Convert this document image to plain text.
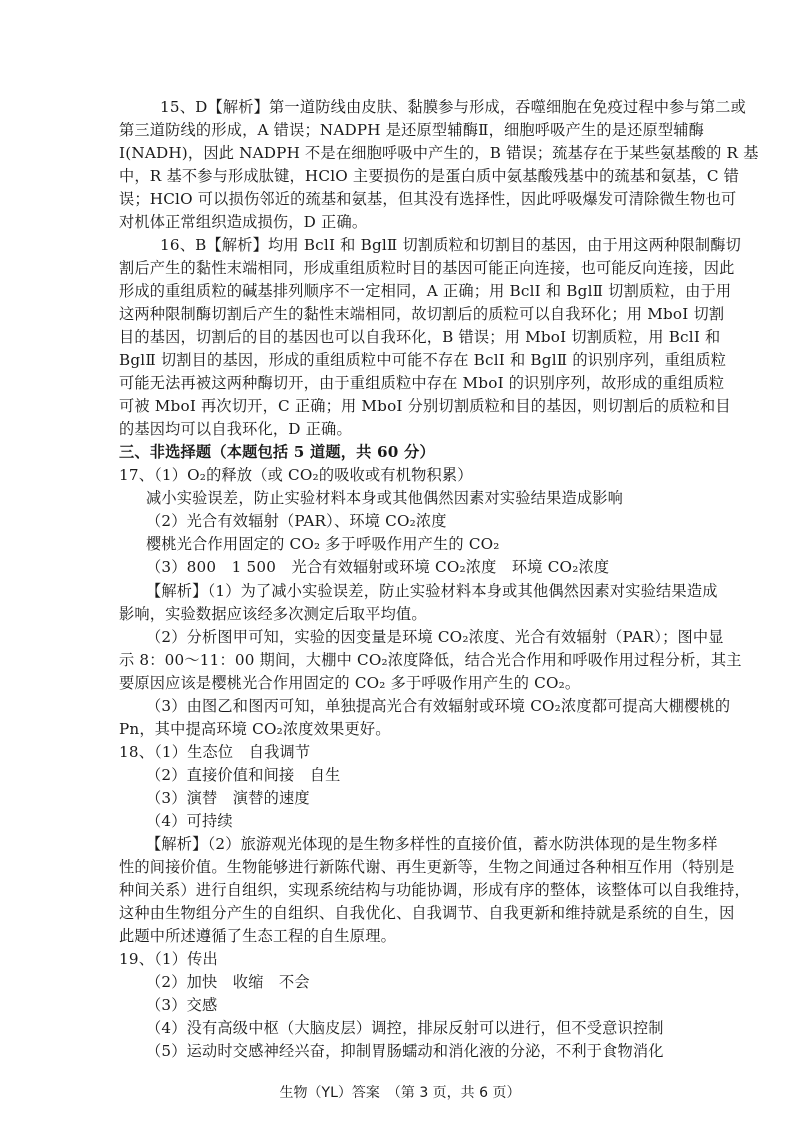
15、D【解析】第一道防线由皮肤、黏膜参与形成，吞噬细胞在免疫过程中参与第二或
第三道防线的形成，A 错误；NADPH 是还原型辅酶Ⅱ，细胞呼吸产生的是还原型辅酶
I(NADH)，因此 NADPH 不是在细胞呼吸中产生的，B 错误；巯基存在于某些氨基酸的 R 基
中，R 基不参与形成肽键，HClO 主要损伤的是蛋白质中氨基酸残基中的巯基和氨基，C 错
误；HClO 可以损伤邻近的巯基和氨基，但其没有选择性，因此呼吸爆发可清除微生物也可
对机体正常组织造成损伤，D 正确。
16、B【解析】均用 BclⅠ 和 BglⅡ 切割质粒和切割目的基因，由于用这两种限制酶切
割后产生的黏性末端相同，形成重组质粒时目的基因可能正向连接，也可能反向连接，因此
形成的重组质粒的碱基排列顺序不一定相同，A 正确；用 BclⅠ 和 BglⅡ 切割质粒，由于用
这两种限制酶切割后产生的黏性末端相同，故切割后的质粒可以自我环化；用 MboⅠ 切割
目的基因，切割后的目的基因也可以自我环化，B 错误；用 MboⅠ 切割质粒，用 BclⅠ 和
BglⅡ 切割目的基因，形成的重组质粒中可能不存在 BclⅠ 和 BglⅡ 的识别序列，重组质粒
可能无法再被这两种酶切开，由于重组质粒中存在 MboⅠ 的识别序列，故形成的重组质粒
可被 MboⅠ 再次切开，C 正确；用 MboⅠ 分别切割质粒和目的基因，则切割后的质粒和目
的基因均可以自我环化，D 正确。
三、非选择题（本题包括 5 道题，共 60 分）
17、（1）O₂的释放（或 CO₂的吸收或有机物积累）
减小实验误差，防止实验材料本身或其他偶然因素对实验结果造成影响
（2）光合有效辐射（PAR）、环境 CO₂浓度
樱桃光合作用固定的 CO₂ 多于呼吸作用产生的 CO₂
（3）800　1 500　光合有效辐射或环境 CO₂浓度　环境 CO₂浓度
【解析】（1）为了减小实验误差，防止实验材料本身或其他偶然因素对实验结果造成
影响，实验数据应该经多次测定后取平均值。
（2）分析图甲可知，实验的因变量是环境 CO₂浓度、光合有效辐射（PAR）；图中显
示 8：00～11：00 期间，大棚中 CO₂浓度降低，结合光合作用和呼吸作用过程分析，其主
要原因应该是樱桃光合作用固定的 CO₂ 多于呼吸作用产生的 CO₂。
（3）由图乙和图丙可知，单独提高光合有效辐射或环境 CO₂浓度都可提高大棚樱桃的
Pn，其中提高环境 CO₂浓度效果更好。
18、（1）生态位　自我调节
（2）直接价值和间接　自生
（3）演替　演替的速度
（4）可持续
【解析】（2）旅游观光体现的是生物多样性的直接价值，蓄水防洪体现的是生物多样
性的间接价值。生物能够进行新陈代谢、再生更新等，生物之间通过各种相互作用（特别是
种间关系）进行自组织，实现系统结构与功能协调，形成有序的整体，该整体可以自我维持，
这种由生物组分产生的自组织、自我优化、自我调节、自我更新和维持就是系统的自生，因
此题中所述遵循了生态工程的自生原理。
19、（1）传出
（2）加快　收缩　不会
（3）交感
（4）没有高级中枢（大脑皮层）调控，排尿反射可以进行，但不受意识控制
（5）运动时交感神经兴奋，抑制胃肠蠕动和消化液的分泌，不利于食物消化
生物（YL）答案　（第 3 页，共 6 页）
